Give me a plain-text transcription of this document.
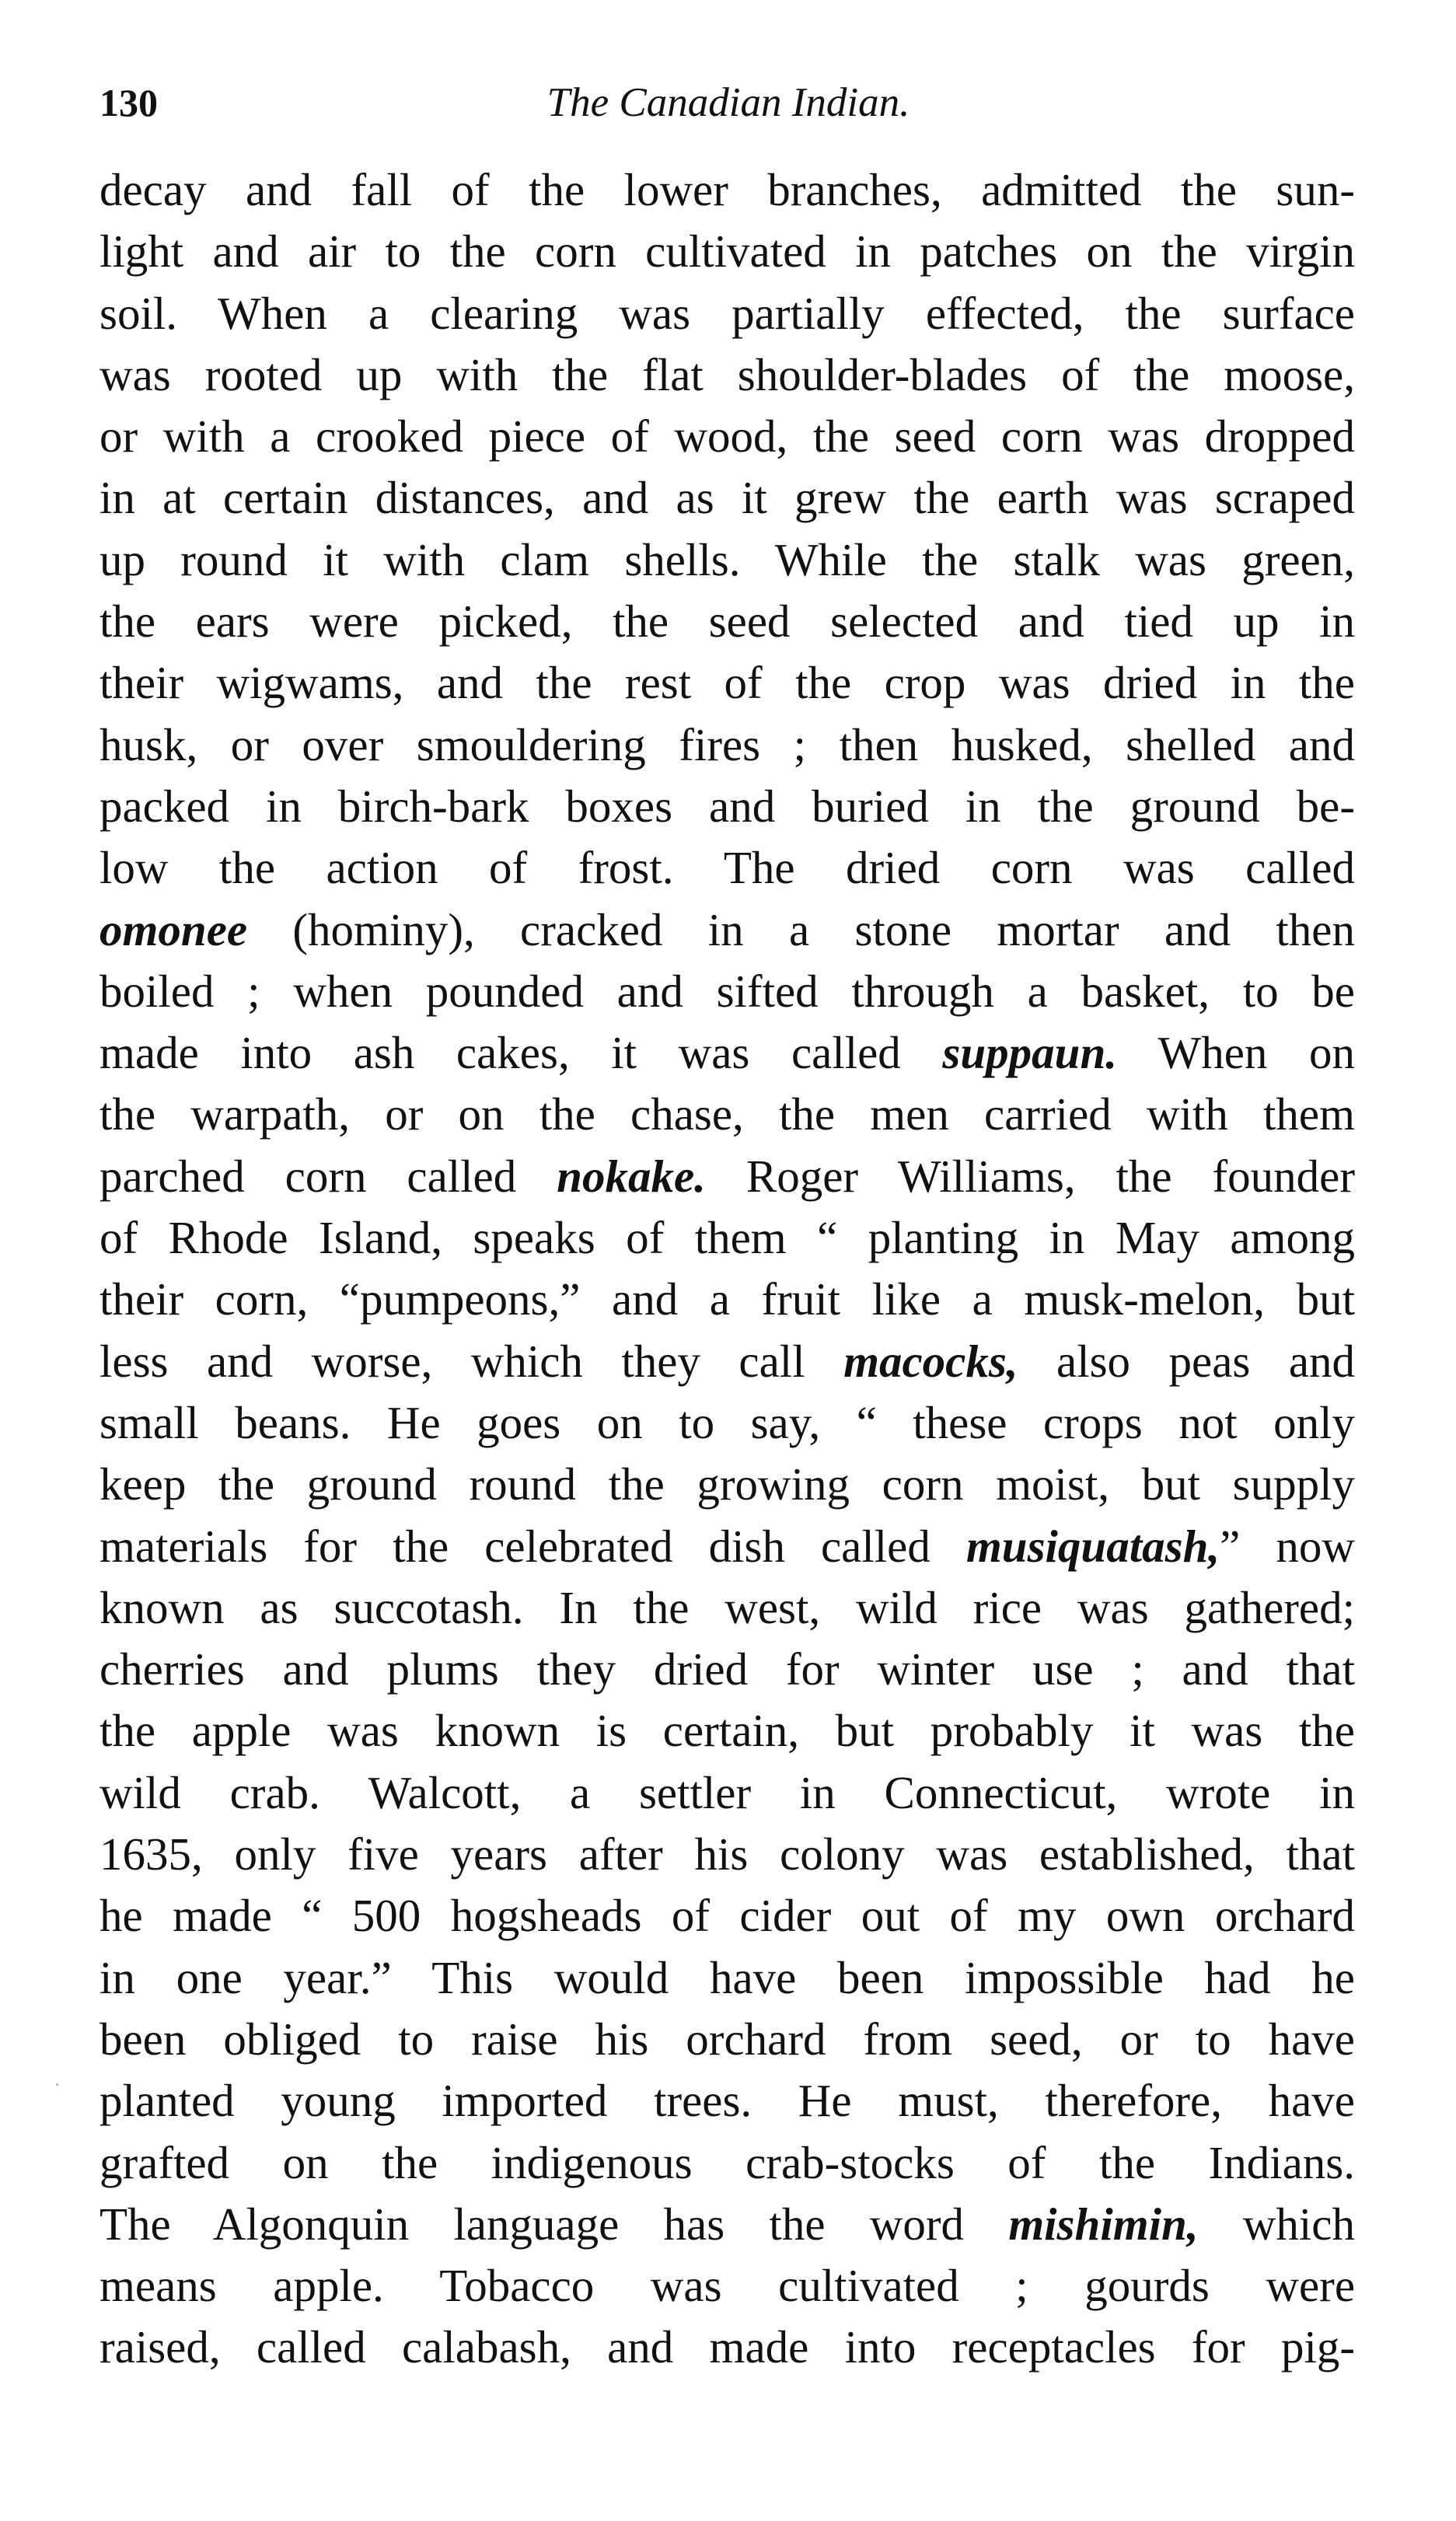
130	The Canadian Indian.
decay and fall of the lower branches, admitted the sun-
light and air to the corn cultivated in patches on the virgin
soil. When a clearing was partially effected, the surface
was rooted up with the flat shoulder-blades of the moose,
or with a crooked piece of wood, the seed corn was dropped
in at certain distances, and as it grew the earth was scraped
up round it with clam shells. While the stalk was green,
the ears were picked, the seed selected and tied up in
their wigwams, and the rest of the crop was dried in the
husk, or over smouldering fires ; then husked, shelled and
packed in birch-bark boxes and buried in the ground be-
low the action of frost. The dried corn was called
omonee (hominy), cracked in a stone mortar and then
boiled ; when pounded and sifted through a basket, to be
made into ash cakes, it was called suppaun. When on
the warpath, or on the chase, the men carried with them
parched corn called nokake. Roger Williams, the founder
of Rhode Island, speaks of them “ planting in May among
their corn, “pumpeons,” and a fruit like a musk-melon, but
less and worse, which they call macocks, also peas and
small beans. He goes on to say, “ these crops not only
keep the ground round the growing corn moist, but supply
materials for the celebrated dish called musiquatash,” now
known as succotash. In the west, wild rice was gathered;
cherries and plums they dried for winter use ; and that
the apple was known is certain, but probably it was the
wild crab. Walcott, a settler in Connecticut, wrote in
1635, only five years after his colony was established, that
he made “ 500 hogsheads of cider out of my own orchard
in one year.” This would have been impossible had he
been obliged to raise his orchard from seed, or to have
planted young imported trees. He must, therefore, have
grafted on the indigenous crab-stocks of the Indians.
The Algonquin language has the word mishimin, which
means apple. Tobacco was cultivated ; gourds were
raised, called calabash, and made into receptacles for pig-
